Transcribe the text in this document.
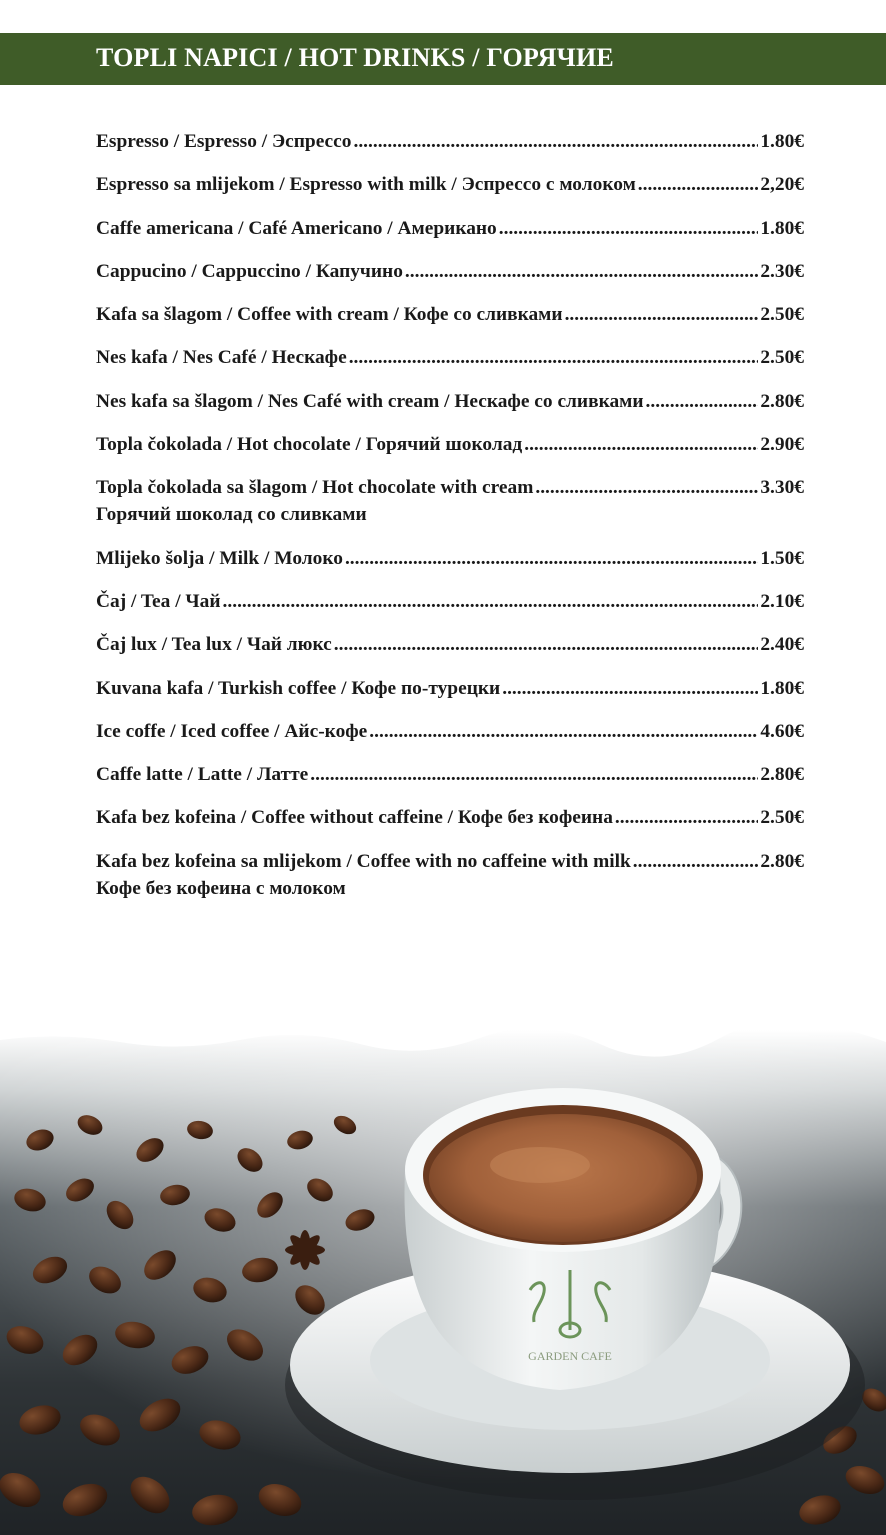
TOPLI NAPICI / HOT DRINKS / ГОРЯЧИЕ
Espresso / Espresso / Эспрессо .....	1.80€
Espresso sa mlijekom / Espresso with milk / Эспрессо с молоком .....	2,20€
Caffe americana / Café Americano / Американо .....	1.80€
Cappucino / Cappuccino / Капучино .....	2.30€
Kafa sa šlagom / Coffee with cream / Кофе со сливками .....	2.50€
Nes kafa / Nes Café / Нескафе .....	2.50€
Nes kafa sa šlagom / Nes Café with cream / Нескафе со сливками .....	2.80€
Topla čokolada / Hot chocolate / Горячий шоколад .....	2.90€
Topla čokolada sa šlagom / Hot chocolate with cream .....	3.30€
Горячий шоколад со сливками
Mlijeko šolja / Milk / Молоко .....	1.50€
Čaj / Tea / Чай .....	2.10€
Čaj lux / Tea lux / Чай люкс .....	2.40€
Kuvana kafa / Turkish coffee / Кофе по-турецки .....	1.80€
Ice coffe / Iced coffee / Айс-кофе .....	4.60€
Caffe latte / Latte / Латте .....	2.80€
Kafa bez kofeina / Coffee without caffeine / Кофе без кофеина .....	2.50€
Kafa bez kofeina sa mlijekom / Coffee with no caffeine with milk .....	2.80€
Кофе без кофеина с молоком
GARDEN CAFE
